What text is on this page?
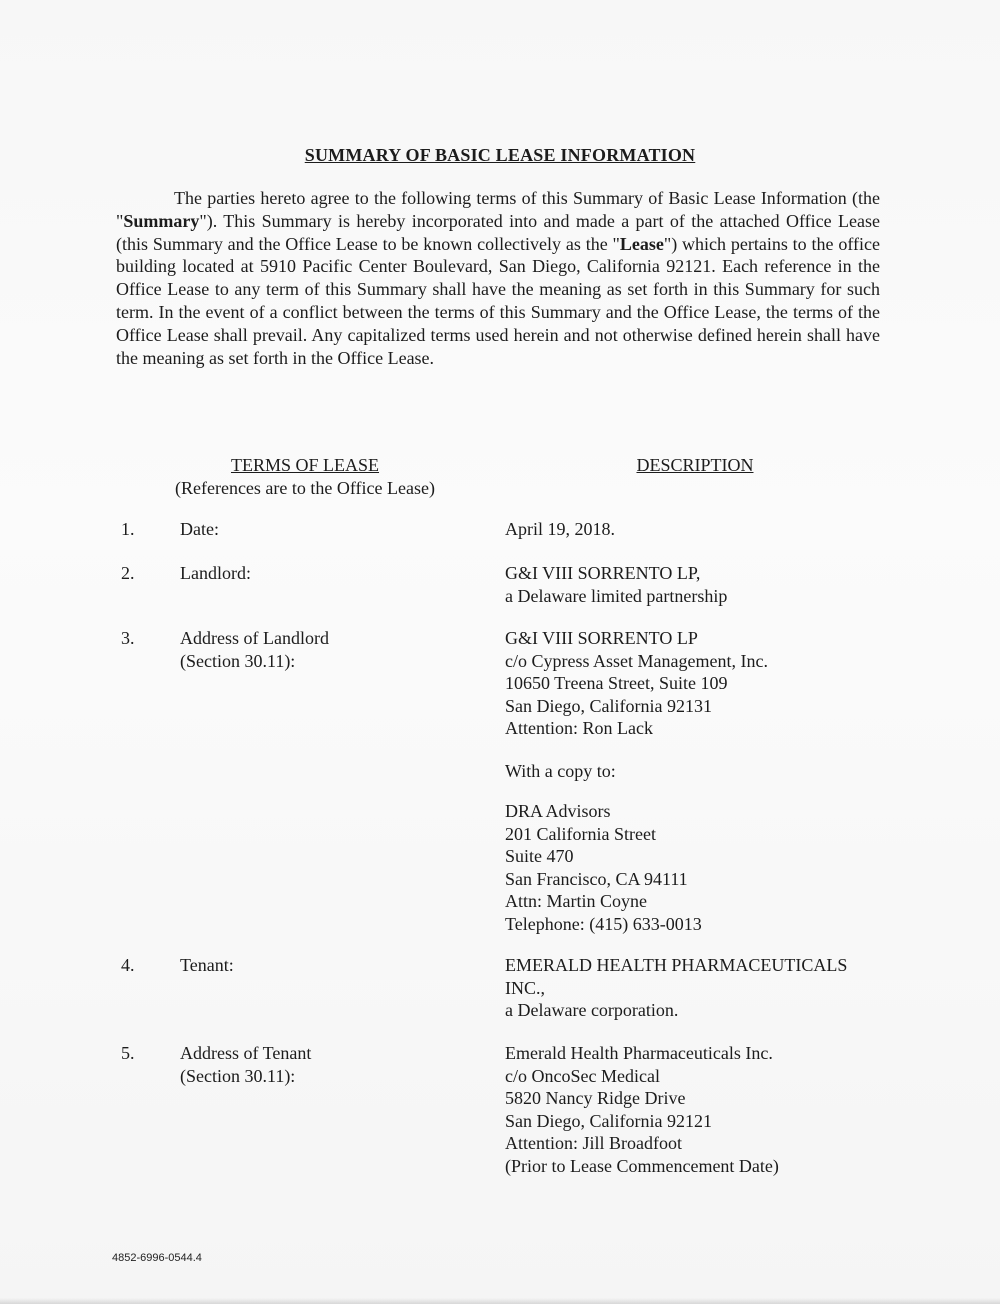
SUMMARY OF BASIC LEASE INFORMATION
The parties hereto agree to the following terms of this Summary of Basic Lease Information (the "Summary"). This Summary is hereby incorporated into and made a part of the attached Office Lease (this Summary and the Office Lease to be known collectively as the "Lease") which pertains to the office building located at 5910 Pacific Center Boulevard, San Diego, California 92121. Each reference in the Office Lease to any term of this Summary shall have the meaning as set forth in this Summary for such term. In the event of a conflict between the terms of this Summary and the Office Lease, the terms of the Office Lease shall prevail. Any capitalized terms used herein and not otherwise defined herein shall have the meaning as set forth in the Office Lease.
TERMS OF LEASE
(References are to the Office Lease)
DESCRIPTION
1.	Date:	April 19, 2018.
2.	Landlord:	G&I VIII SORRENTO LP,
a Delaware limited partnership
3.	Address of Landlord
(Section 30.11):
G&I VIII SORRENTO LP
c/o Cypress Asset Management, Inc.
10650 Treena Street, Suite 109
San Diego, California 92131
Attention: Ron Lack
With a copy to:
DRA Advisors
201 California Street
Suite 470
San Francisco, CA 94111
Attn: Martin Coyne
Telephone: (415) 633-0013
4.	Tenant:	EMERALD HEALTH PHARMACEUTICALS
INC.,
a Delaware corporation.
5.	Address of Tenant
(Section 30.11):
Emerald Health Pharmaceuticals Inc.
c/o OncoSec Medical
5820 Nancy Ridge Drive
San Diego, California 92121
Attention: Jill Broadfoot
(Prior to Lease Commencement Date)
4852-6996-0544.4
